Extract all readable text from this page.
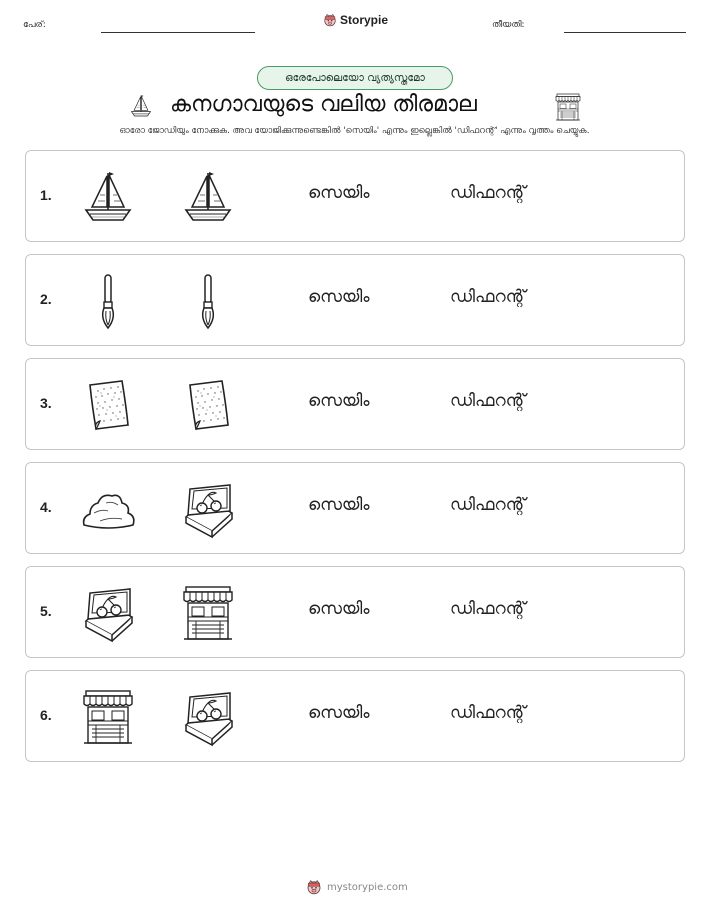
പേര്:	Storypie	തീയതി:
ഒരേപോലെയോ വ്യത്യസ്തമോ
കനഗാവയുടെ വലിയ തിരമാല
ഓരോ ജോഡിയും നോക്കുക. അവ യോജിക്കുന്നുണ്ടെങ്കിൽ 'സെയിം' എന്നും ഇല്ലെങ്കിൽ 'ഡിഫറന്റ്' എന്നും വൃത്തം ചെയ്യുക.
1.	സെയിം	ഡിഫറന്റ്
2.	സെയിം	ഡിഫറന്റ്
3.	സെയിം	ഡിഫറന്റ്
4.	സെയിം	ഡിഫറന്റ്
5.	സെയിം	ഡിഫറന്റ്
6.	സെയിം	ഡിഫറന്റ്
mystorypie.com
